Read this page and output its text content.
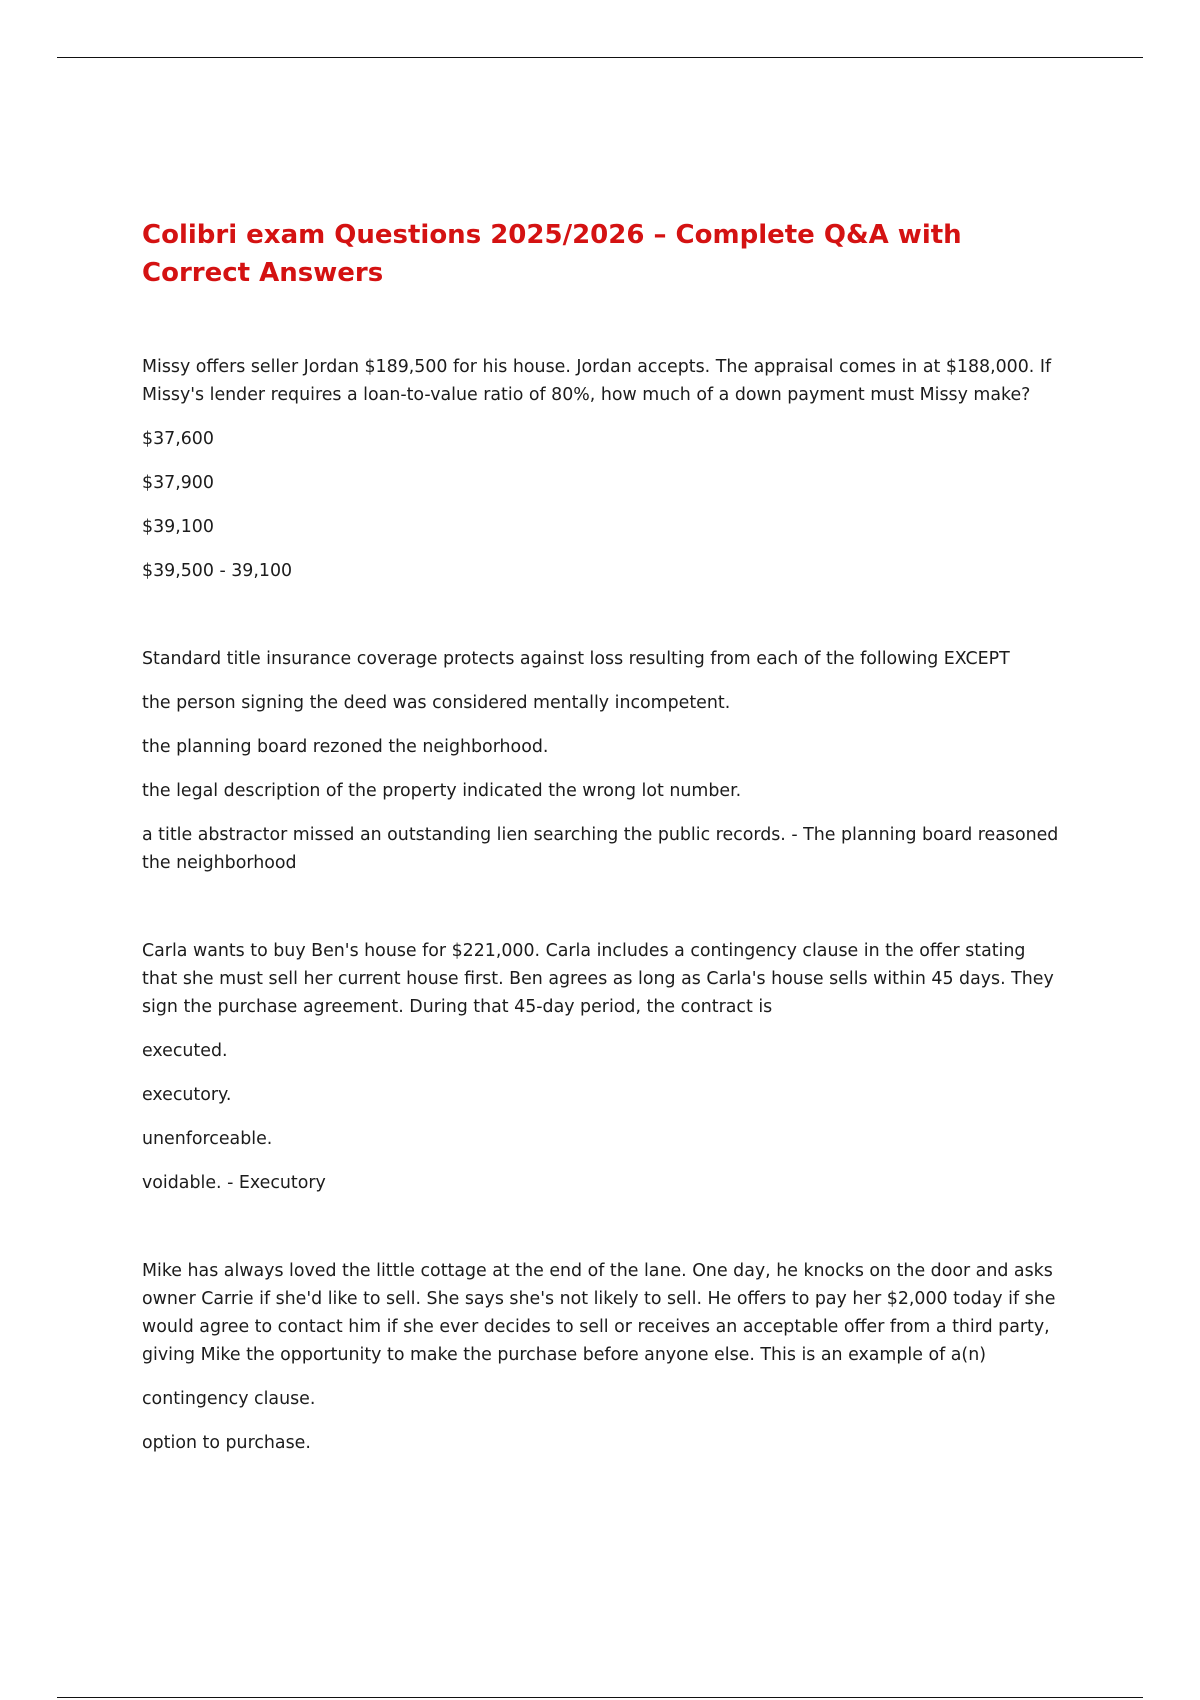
Colibri exam Questions 2025/2026 – Complete Q&A with Correct Answers

Missy offers seller Jordan $189,500 for his house. Jordan accepts. The appraisal comes in at $188,000. If Missy's lender requires a loan-to-value ratio of 80%, how much of a down payment must Missy make?

$37,600

$37,900

$39,100

$39,500 - 39,100

Standard title insurance coverage protects against loss resulting from each of the following EXCEPT

the person signing the deed was considered mentally incompetent.

the planning board rezoned the neighborhood.

the legal description of the property indicated the wrong lot number.

a title abstractor missed an outstanding lien searching the public records. - The planning board reasoned the neighborhood

Carla wants to buy Ben's house for $221,000. Carla includes a contingency clause in the offer stating that she must sell her current house first. Ben agrees as long as Carla's house sells within 45 days. They sign the purchase agreement. During that 45-day period, the contract is

executed.

executory.

unenforceable.

voidable. - Executory

Mike has always loved the little cottage at the end of the lane. One day, he knocks on the door and asks owner Carrie if she'd like to sell. She says she's not likely to sell. He offers to pay her $2,000 today if she would agree to contact him if she ever decides to sell or receives an acceptable offer from a third party, giving Mike the opportunity to make the purchase before anyone else. This is an example of a(n)

contingency clause.

option to purchase.
